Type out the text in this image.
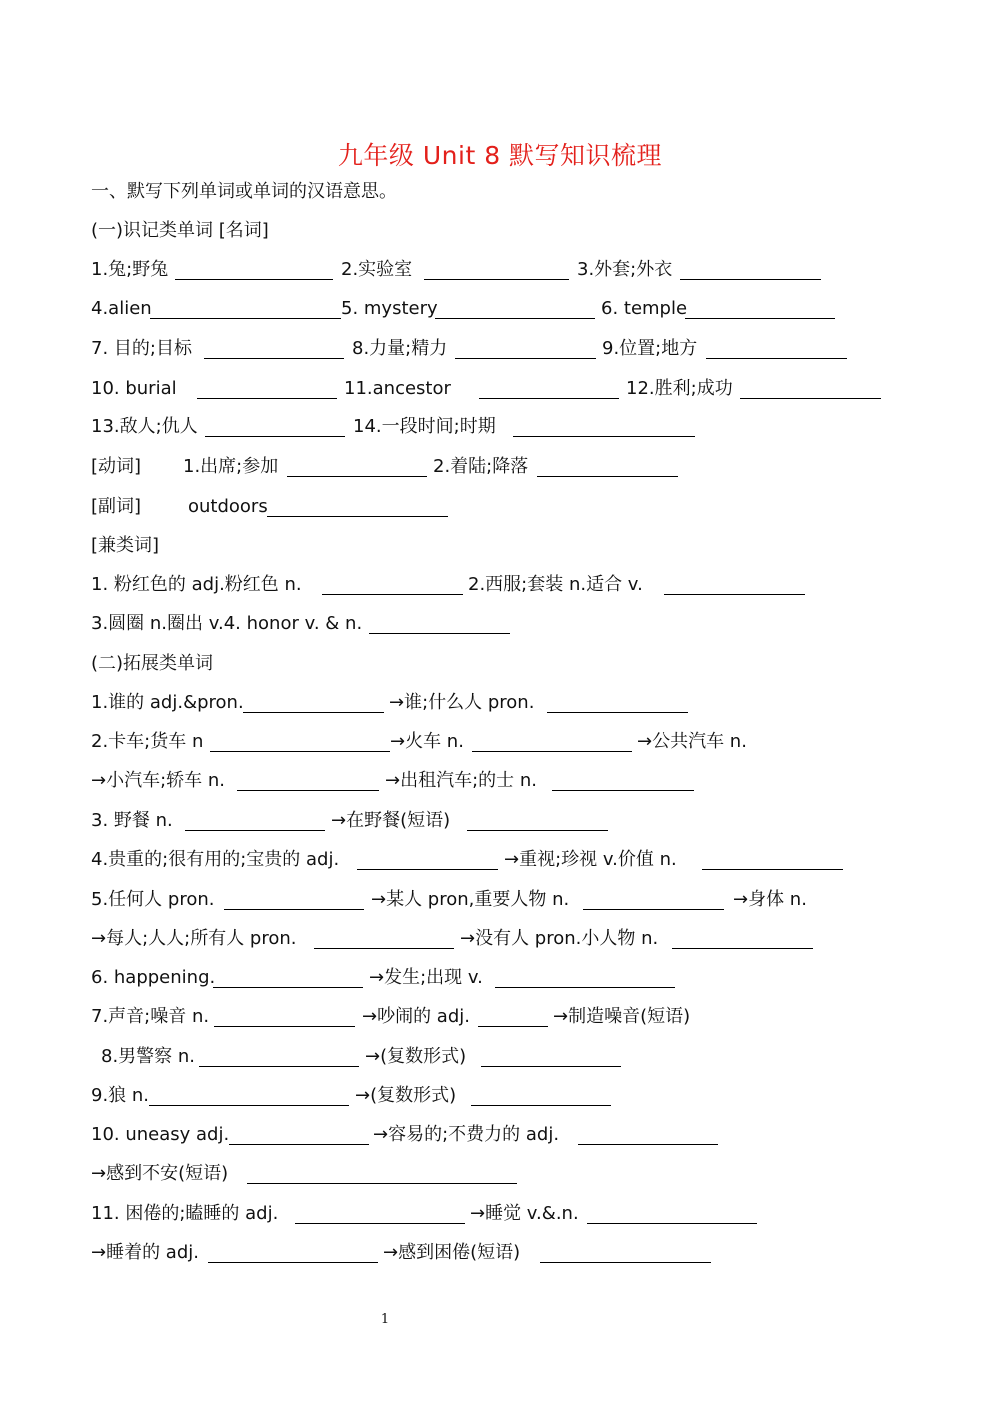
九年级 Unit 8 默写知识梳理
一、默写下列单词或单词的汉语意思。
(一)识记类单词 [名词]
1.兔;野兔	2.实验室	3.外套;外衣
4.alien	5. mystery	6. temple
7. 目的;目标	8.力量;精力	9.位置;地方
10. burial	11.ancestor	12.胜利;成功
13.敌人;仇人	14.一段时间;时期
[动词] 1.出席;参加	2.着陆;降落
[副词]	outdoors
[兼类词]
1. 粉红色的 adj.粉红色 n.	2.西服;套装 n.适合 v.
3.圆圈 n.圈出 v.4. honor v. & n.
(二)拓展类单词
1.谁的 adj.&pron.	→谁;什么人 pron.
2.卡车;货车 n	→火车 n.	→公共汽车 n.
→小汽车;轿车 n.	→出租汽车;的士 n.
3. 野餐 n.	→在野餐(短语)
4.贵重的;很有用的;宝贵的 adj.	→重视;珍视 v.价值 n.
5.任何人 pron.	→某人 pron,重要人物 n.	→身体 n.
→每人;人人;所有人 pron.	→没有人 pron.小人物 n.
6. happening.	→发生;出现 v.
7.声音;噪音 n.	→吵闹的 adj.	→制造噪音(短语)
8.男警察 n.	→(复数形式)
9.狼 n.	→(复数形式)
10. uneasy adj.	→容易的;不费力的 adj.
→感到不安(短语)
11. 困倦的;瞌睡的 adj.	→睡觉 v.&.n.
→睡着的 adj.	→感到困倦(短语)
1
